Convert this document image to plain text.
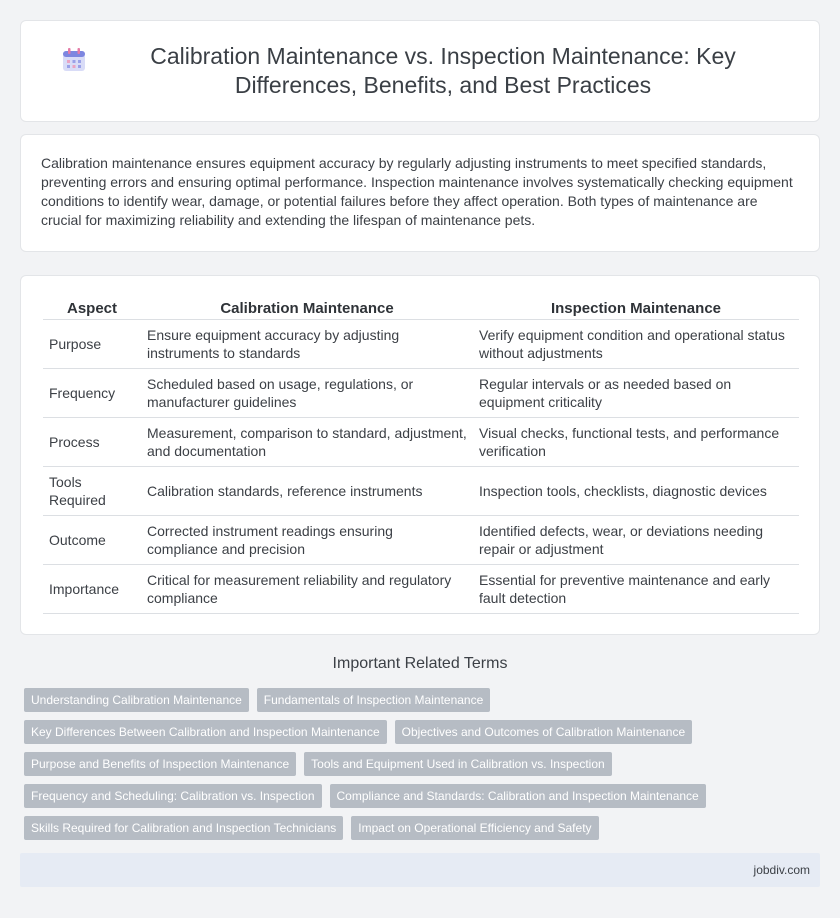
Calibration Maintenance vs. Inspection Maintenance: Key Differences, Benefits, and Best Practices

Calibration maintenance ensures equipment accuracy by regularly adjusting instruments to meet specified standards, preventing errors and ensuring optimal performance. Inspection maintenance involves systematically checking equipment conditions to identify wear, damage, or potential failures before they affect operation. Both types of maintenance are crucial for maximizing reliability and extending the lifespan of maintenance pets.

Aspect	Calibration Maintenance	Inspection Maintenance
Purpose	Ensure equipment accuracy by adjusting instruments to standards	Verify equipment condition and operational status without adjustments
Frequency	Scheduled based on usage, regulations, or manufacturer guidelines	Regular intervals or as needed based on equipment criticality
Process	Measurement, comparison to standard, adjustment, and documentation	Visual checks, functional tests, and performance verification
Tools Required	Calibration standards, reference instruments	Inspection tools, checklists, diagnostic devices
Outcome	Corrected instrument readings ensuring compliance and precision	Identified defects, wear, or deviations needing repair or adjustment
Importance	Critical for measurement reliability and regulatory compliance	Essential for preventive maintenance and early fault detection
Important Related Terms
Understanding Calibration Maintenance	Fundamentals of Inspection Maintenance
Key Differences Between Calibration and Inspection Maintenance	Objectives and Outcomes of Calibration Maintenance
Purpose and Benefits of Inspection Maintenance	Tools and Equipment Used in Calibration vs. Inspection
Frequency and Scheduling: Calibration vs. Inspection	Compliance and Standards: Calibration and Inspection Maintenance
Skills Required for Calibration and Inspection Technicians	Impact on Operational Efficiency and Safety
jobdiv.com
